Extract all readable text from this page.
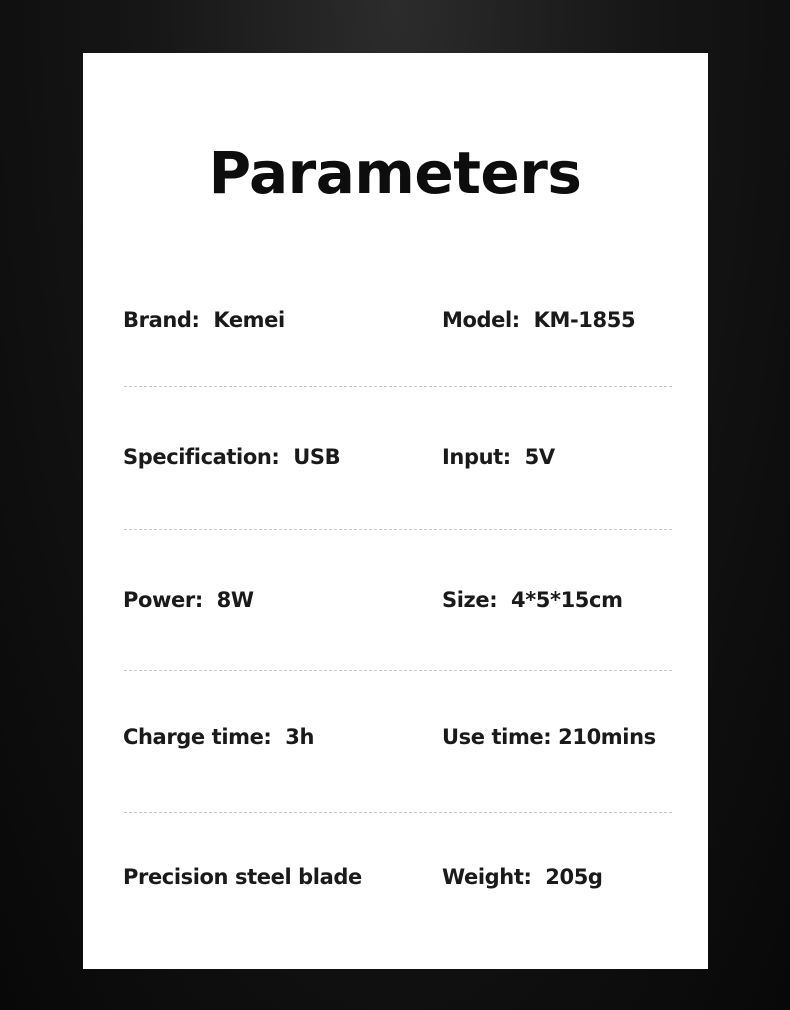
Parameters
Brand:  Kemei	Model:  KM-1855
Specification:  USB	Input:  5V
Power:  8W	Size:  4*5*15cm
Charge time:  3h	Use time: 210mins
Precision steel blade	Weight:  205g
